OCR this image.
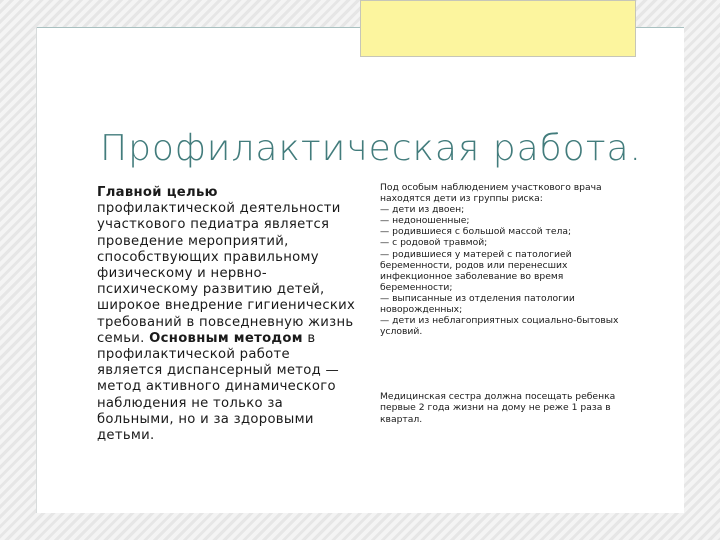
Профилактическая работа.
Главной целью профилактической деятельности участкового педиатра является проведение мероприятий, способствующих правильному физическому и нервно-психическому развитию детей, широкое внедрение гигиенических требований в повседневную жизнь семьи. Основным методом в профилактической работе является диспансерный метод — метод активного динамического наблюдения не только за больными, но и за здоровыми детьми.
Под особым наблюдением участкового врача находятся дети из группы риска:
— дети из двоен;
— недоношенные;
— родившиеся с большой массой тела;
— с родовой травмой;
— родившиеся у матерей с патологией беременности, родов или перенесших инфекционное заболевание во время беременности;
— выписанные из отделения патологии новорожденных;
— дети из неблагоприятных социально-бытовых условий.
Медицинская сестра должна посещать ребенка первые 2 года жизни на дому не реже 1 раза в квартал.
